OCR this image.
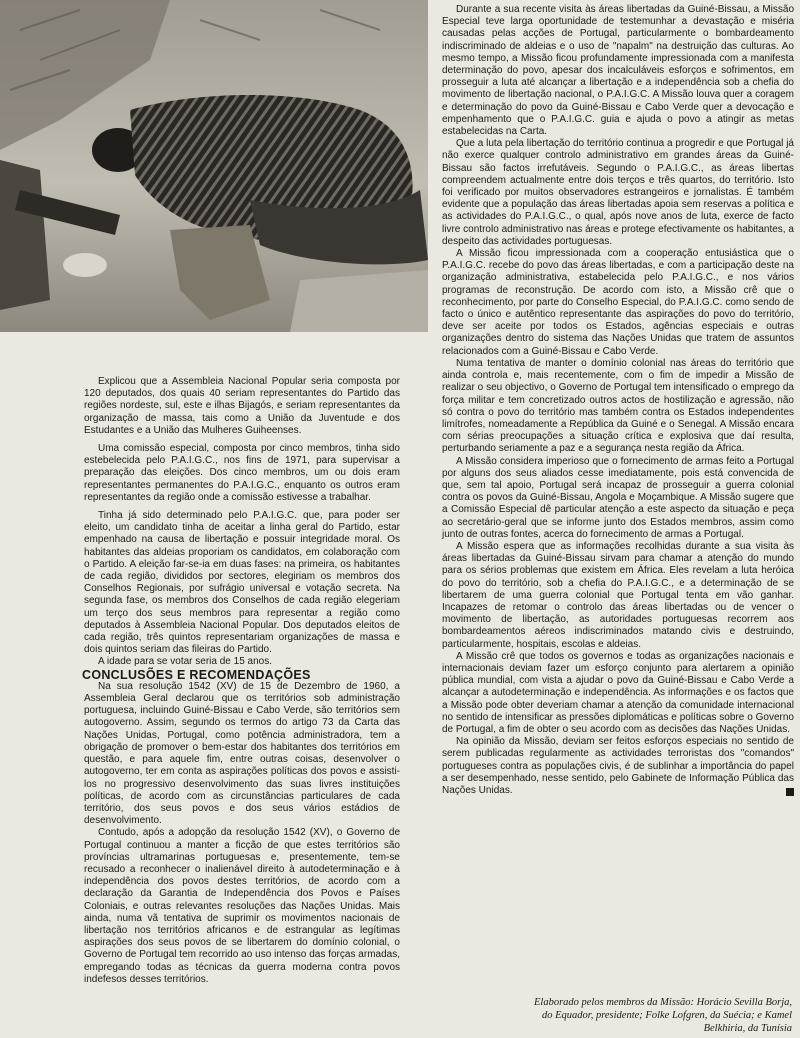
Explicou que a Assembleia Nacional Popular seria composta por 120 deputados, dos quais 40 seriam representantes do Partido das regiões nordeste, sul, este e ilhas Bijagós, e seriam representantes da organização de massa, tais como a União da Juventude e dos Estudantes e a União das Mulheres Guiheenses.

Uma comissão especial, composta por cinco membros, tinha sido estebelecida pelo P.A.I.G.C., nos fins de 1971, para supervisar a preparação das eleições. Dos cinco membros, um ou dois eram representantes permanentes do P.A.I.G.C., enquanto os outros eram representantes da região onde a comissão estivesse a trabalhar.

Tinha já sido determinado pelo P.A.I.G.C. que, para poder ser eleito, um candidato tinha de aceitar a linha geral do Partido, estar empenhado na causa de libertação e possuir integridade moral. Os habitantes das aldeias proporiam os candidatos, em colaboração com o Partido. A eleição far-se-ia em duas fases: na primeira, os habitantes de cada região, divididos por sectores, elegiriam os membros dos Conselhos Regionais, por sufrágio universal e votação secreta. Na segunda fase, os membros dos Conselhos de cada região elegeriam um terço dos seus membros para representar a região como deputados à Assembleia Nacional Popular. Dos deputados eleitos de cada região, três quintos representariam organizações de massa e dois quintos seriam das fileiras do Partido.

A idade para se votar seria de 15 anos.

CONCLUSÕES E RECOMENDAÇÕES

Na sua resolução 1542 (XV) de 15 de Dezembro de 1960, a Assembleia Geral declarou que os territórios sob administração portuguesa, incluindo Guiné-Bissau e Cabo Verde, são territórios sem autogoverno. Assim, segundo os termos do artigo 73 da Carta das Nações Unidas, Portugal, como potência administradora, tem a obrigação de promover o bem-estar dos habitantes dos territórios em questão, e para aquele fim, entre outras coisas, desenvolver o autogoverno, ter em conta as aspirações políticas dos povos e assisti-los no progressivo desenvolvimento das suas livres instituições políticas, de acordo com as circunstâncias particulares de cada território, dos seus povos e dos seus vários estádios de desenvolvimento.

Contudo, após a adopção da resolução 1542 (XV), o Governo de Portugal continuou a manter a ficção de que estes territórios são províncias ultramarinas portuguesas e, presentemente, tem-se recusado a reconhecer o inalienável direito à autodeterminação e à independência dos povos destes territórios, de acordo com a declaração da Garantia de Independência dos Povos e Países Coloniais, e outras relevantes resoluções das Nações Unidas. Mais ainda, numa vã tentativa de suprimir os movimentos nacionais de libertação nos territórios africanos e de estrangular as legítimas aspirações dos seus povos de se libertarem do domínio colonial, o Governo de Portugal tem recorrido ao uso intenso das forças armadas, empregando todas as técnicas da guerra moderna contra povos indefesos desses territórios.

Durante a sua recente visita às áreas libertadas da Guiné-Bissau, a Missão Especial teve larga oportunidade de testemunhar a devastação e miséria causadas pelas acções de Portugal, particularmente o bombardeamento indiscriminado de aldeias e o uso de "napalm" na destruição das culturas. Ao mesmo tempo, a Missão ficou profundamente impressionada com a manifesta determinação do povo, apesar dos incalculáveis esforços e sofrimentos, em prosseguir a luta até alcançar a libertação e a independência sob a chefia do movimento de libertação nacional, o P.A.I.G.C. A Missão louva quer a coragem e determinação do povo da Guiné-Bissau e Cabo Verde quer a devocação e empenhamento que o P.A.I.G.C. guia e ajuda o povo a atingir as metas estabelecidas na Carta.

Que a luta pela libertação do território continua a progredir e que Portugal já não exerce qualquer controlo administrativo em grandes áreas da Guiné-Bissau são factos irrefutáveis. Segundo o P.A.I.G.C., as áreas libertas compreendem actualmente entre dois terços e três quartos, do território. Isto foi verificado por muitos observadores estrangeiros e jornalistas. É também evidente que a população das áreas libertadas apoia sem reservas a política e as actividades do P.A.I.G.C., o qual, após nove anos de luta, exerce de facto livre controlo administrativo nas áreas e protege efectivamente os habitantes, a despeito das actividades portuguesas.

A Missão ficou impressionada com a cooperação entusiástica que o P.A.I.G.C. recebe do povo das áreas libertadas, e com a participação deste na organização administrativa, estabelecida pelo P.A.I.G.C., e nos vários programas de reconstrução. De acordo com isto, a Missão crê que o reconhecimento, por parte do Conselho Especial, do P.A.I.G.C. como sendo de facto o único e autêntico representante das aspirações do povo do território, deve ser aceite por todos os Estados, agências especiais e outras organizações dentro do sistema das Nações Unidas que tratem de assuntos relacionados com a Guiné-Bissau e Cabo Verde.

Numa tentativa de manter o domínio colonial nas áreas do território que ainda controla e, mais recentemente, com o fim de impedir a Missão de realizar o seu objectivo, o Governo de Portugal tem intensificado o emprego da força militar e tem concretizado outros actos de hostilização e agressão, não só contra o povo do território mas também contra os Estados independentes limítrofes, nomeadamente a República da Guiné e o Senegal. A Missão encara com sérias preocupações a situação crítica e explosiva que daí resulta, perturbando seriamente a paz e a segurança nesta região da África.

A Missão considera imperioso que o fornecimento de armas feito a Portugal por alguns dos seus aliados cesse imediatamente, pois está convencida de que, sem tal apoio, Portugal será incapaz de prosseguir a guerra colonial contra os povos da Guiné-Bissau, Angola e Moçambique. A Missão sugere que a Comissão Especial dê particular atenção a este aspecto da situação e peça ao secretário-geral que se informe junto dos Estados membros, assim como junto de outras fontes, acerca do fornecimento de armas a Portugal.

A Missão espera que as informações recolhidas durante a sua visita às áreas libertadas da Guiné-Bissau sirvam para chamar a atenção do mundo para os sérios problemas que existem em África. Eles revelam a luta heróica do povo do território, sob a chefia do P.A.I.G.C., e a determinação de se libertarem de uma guerra colonial que Portugal tenta em vão ganhar. Incapazes de retomar o controlo das áreas libertadas ou de vencer o movimento de libertação, as autoridades portuguesas recorrem aos bombardeamentos aéreos indiscriminados matando civis e destruindo, particularmente, hospitais, escolas e aldeias.

A Missão crê que todos os governos e todas as organizações nacionais e internacionais deviam fazer um esforço conjunto para alertarem a opinião pública mundial, com vista a ajudar o povo da Guiné-Bissau e Cabo Verde a alcançar a autodeterminação e independência. As informações e os factos que a Missão pode obter deveriam chamar a atenção da comunidade internacional no sentido de intensificar as pressões diplomáticas e políticas sobre o Governo de Portugal, a fim de obter o seu acordo com as decisões das Nações Unidas.

Na opinião da Missão, deviam ser feitos esforços especiais no sentido de serem publicadas regularmente as actividades terroristas dos "comandos" portugueses contra as populações civis, é de sublinhar a importância do papel a ser desempenhado, nesse sentido, pelo Gabinete de Informação Pública das Nações Unidas.

Elaborado pelos membros da Missão: Horácio Sevilla Borja,
do Equador, presidente; Folke Lofgren, da Suécia; e Kamel
Belkhiria, da Tunísia
